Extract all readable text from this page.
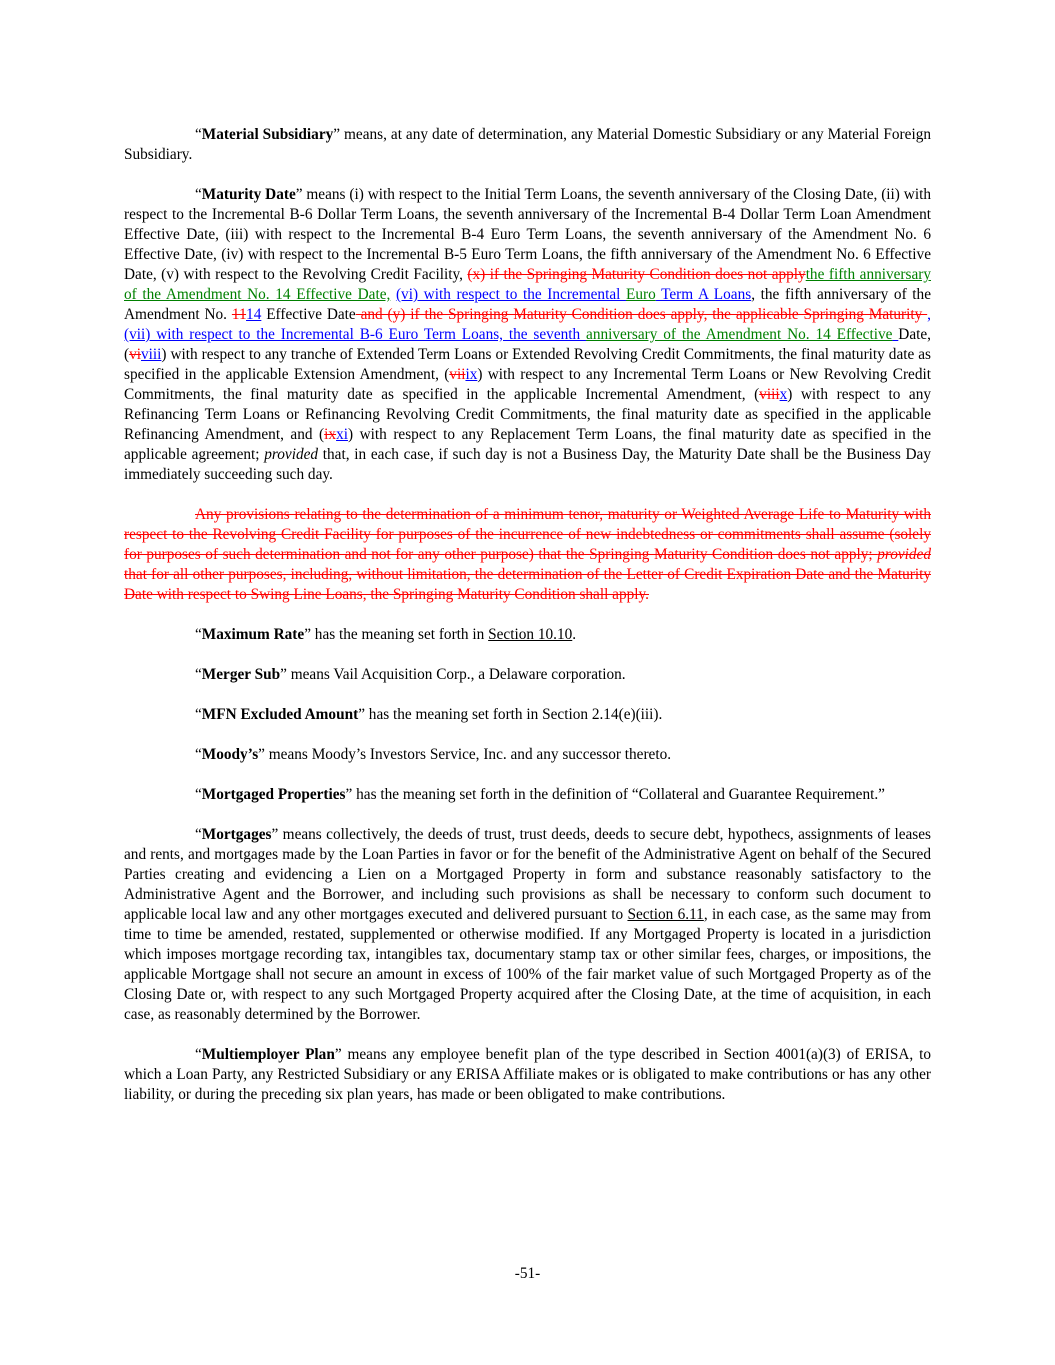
“Material Subsidiary” means, at any date of determination, any Material Domestic Subsidiary or any Material Foreign Subsidiary.

“Maturity Date” means (i) with respect to the Initial Term Loans, the seventh anniversary of the Closing Date, (ii) with respect to the Incremental B-6 Dollar Term Loans, the seventh anniversary of the Incremental B-4 Dollar Term Loan Amendment Effective Date, (iii) with respect to the Incremental B-4 Euro Term Loans, the seventh anniversary of the Amendment No. 6 Effective Date, (iv) with respect to the Incremental B-5 Euro Term Loans, the fifth anniversary of the Amendment No. 6 Effective Date, (v) with respect to the Revolving Credit Facility, (x) if the Springing Maturity Condition does not applythe fifth anniversary of the Amendment No. 14 Effective Date, (vi) with respect to the Incremental Euro Term A Loans, the fifth anniversary of the Amendment No. 1114 Effective Date and (y) if the Springing Maturity Condition does apply, the applicable Springing Maturity , (vii) with respect to the Incremental B-6 Euro Term Loans, the seventh anniversary of the Amendment No. 14 Effective Date, (viviii) with respect to any tranche of Extended Term Loans or Extended Revolving Credit Commitments, the final maturity date as specified in the applicable Extension Amendment, (viiix) with respect to any Incremental Term Loans or New Revolving Credit Commitments, the final maturity date as specified in the applicable Incremental Amendment, (viiix) with respect to any Refinancing Term Loans or Refinancing Revolving Credit Commitments, the final maturity date as specified in the applicable Refinancing Amendment, and (ixxi) with respect to any Replacement Term Loans, the final maturity date as specified in the applicable agreement; provided that, in each case, if such day is not a Business Day, the Maturity Date shall be the Business Day immediately succeeding such day.

Any provisions relating to the determination of a minimum tenor, maturity or Weighted Average Life to Maturity with respect to the Revolving Credit Facility for purposes of the incurrence of new indebtedness or commitments shall assume (solely for purposes of such determination and not for any other purpose) that the Springing Maturity Condition does not apply; provided that for all other purposes, including, without limitation, the determination of the Letter of Credit Expiration Date and the Maturity Date with respect to Swing Line Loans, the Springing Maturity Condition shall apply.

“Maximum Rate” has the meaning set forth in Section 10.10.

“Merger Sub” means Vail Acquisition Corp., a Delaware corporation.

“MFN Excluded Amount” has the meaning set forth in Section 2.14(e)(iii).

“Moody’s” means Moody’s Investors Service, Inc. and any successor thereto.

“Mortgaged Properties” has the meaning set forth in the definition of “Collateral and Guarantee Requirement.”

“Mortgages” means collectively, the deeds of trust, trust deeds, deeds to secure debt, hypothecs, assignments of leases and rents, and mortgages made by the Loan Parties in favor or for the benefit of the Administrative Agent on behalf of the Secured Parties creating and evidencing a Lien on a Mortgaged Property in form and substance reasonably satisfactory to the Administrative Agent and the Borrower, and including such provisions as shall be necessary to conform such document to applicable local law and any other mortgages executed and delivered pursuant to Section 6.11, in each case, as the same may from time to time be amended, restated, supplemented or otherwise modified. If any Mortgaged Property is located in a jurisdiction which imposes mortgage recording tax, intangibles tax, documentary stamp tax or other similar fees, charges, or impositions, the applicable Mortgage shall not secure an amount in excess of 100% of the fair market value of such Mortgaged Property as of the Closing Date or, with respect to any such Mortgaged Property acquired after the Closing Date, at the time of acquisition, in each case, as reasonably determined by the Borrower.

“Multiemployer Plan” means any employee benefit plan of the type described in Section 4001(a)(3) of ERISA, to which a Loan Party, any Restricted Subsidiary or any ERISA Affiliate makes or is obligated to make contributions or has any other liability, or during the preceding six plan years, has made or been obligated to make contributions.

-51-
